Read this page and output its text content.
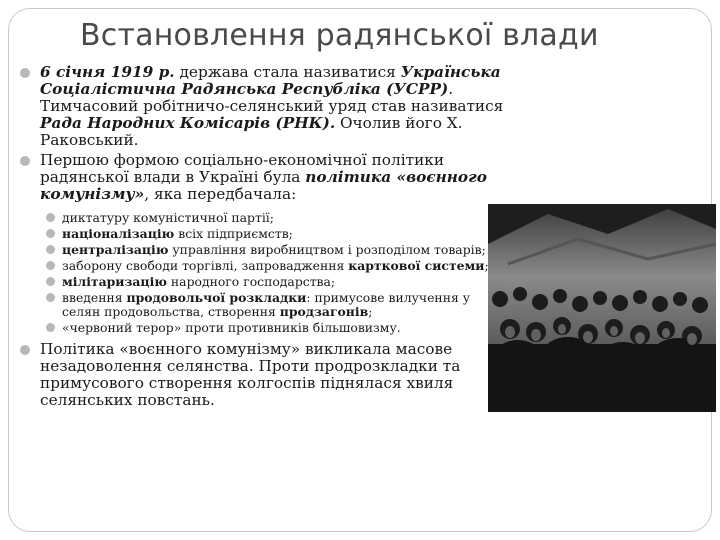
Встановлення радянської влади
6 січня 1919 р. держава стала називатися Українська Соціалістична Радянська Республіка (УСРР). Тимчасовий робітничо-селянський уряд став називатися Рада Народних Комісарів (РНК). Очолив його Х. Раковський.
Першою формою соціально-економічної політики радянської влади в Україні була політика «воєнного комунізму», яка передбачала:
диктатуру комуністичної партії;
націоналізацію всіх підприємств;
централізацію управління виробництвом і розподілом товарів;
заборону свободи торгівлі, запровадження карткової системи;
мілітаризацію народного господарства;
введення продовольчої розкладки: примусове вилучення у селян продовольства, створення продзагонів;
«червоний терор» проти противників більшовизму.
Політика «воєнного комунізму» викликала масове незадоволення селянства. Проти продрозкладки та примусового створення колгоспів піднялася хвиля селянських повстань.
